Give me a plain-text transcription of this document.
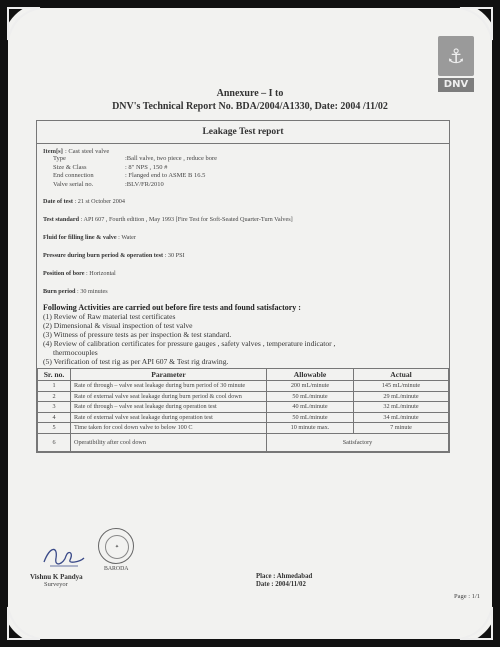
⚓
DNV
Annexure – I to
DNV's Technical Report No. BDA/2004/A1330, Date: 2004 /11/02
Leakage Test report
Item[s] : Cast steel valve
Type	:Ball valve, two piece , reduce bore
Size & Class	: 8" NPS , 150 #
End connection	: Flanged end to ASME B 16.5
Valve serial no.	:BLV/FR/2010
Date of test : 21 st October 2004
Test standard : API 607 , Fourth edition , May 1993 [Fire Test for Soft-Seated Quarter-Turn Valves]
Fluid for filling line & valve : Water
Pressure during burn period & operation test : 30 PSI
Position of bore : Horizontal
Burn period : 30 minutes
Following Activities are carried out before fire tests and found satisfactory :
(1) Review of Raw material test certificates
(2) Dimensional & visual inspection of test valve
(3) Witness of pressure tests as per inspection & test standard.
(4) Review of calibration certificates for pressure gauges , safety valves , temperature indicator ,
thermocouples
(5) Verification of test rig as per API 607 & Test rig drawing.
Sr. no.	Parameter	Allowable	Actual
1	Rate of through – valve seat leakage during burn period of 30 minute	200 mL/minute	145 mL/minute
2	Rate of external valve seat leakage during burn period & cool down	50 mL/minute	29 mL/minute
3	Rate of through – valve seat leakage during operation test	40 mL/minute	32 mL/minute
4	Rate of external valve seat leakage during operation test	50 mL/minute	34 mL/minute
5	Time taken for cool down valve to below 100 C	10 minute max.	7 minute
6	Operatibility after cool down	Satisfactory	
✦
BARODA
Vishnu K Pandya
Surveyor
Place : Ahmedabad
Date : 2004/11/02
Page : 1/1
